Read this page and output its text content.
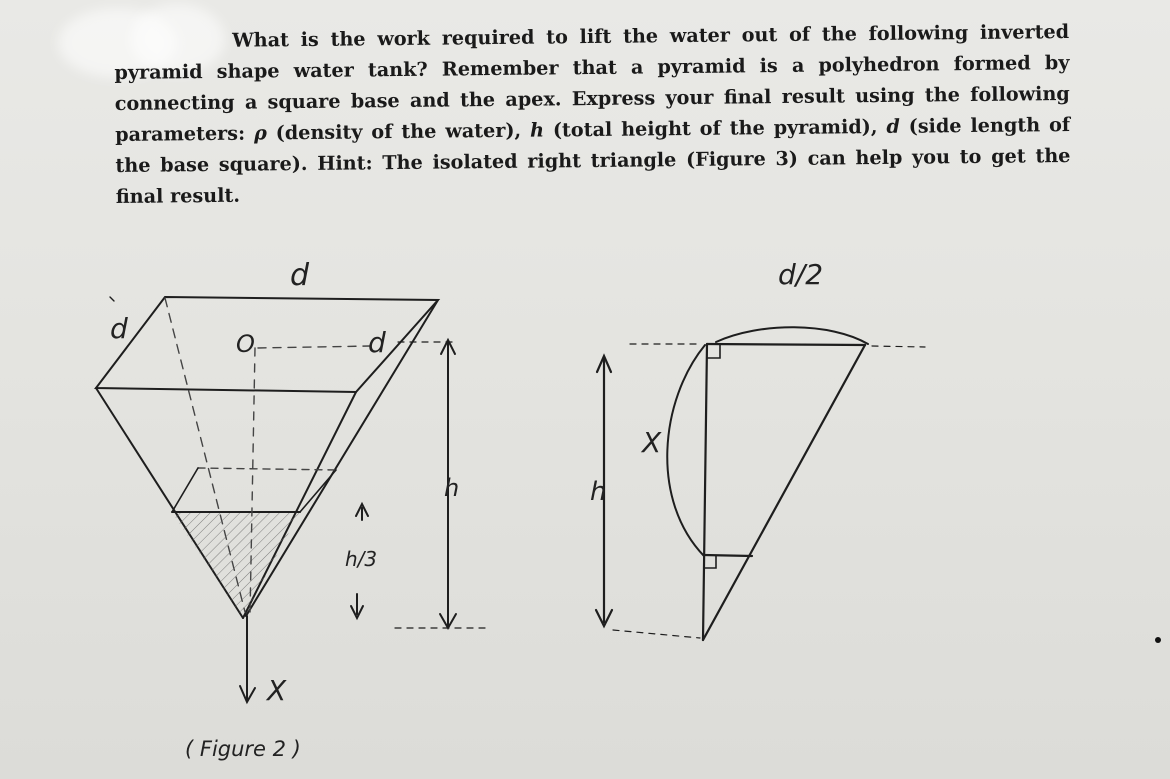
What is the work required to lift the water out of the following inverted pyramid shape water tank? Remember that a pyramid is a polyhedron formed by connecting a square base and the apex. Express your final result using the following parameters: ρ (density of the water), h (total height of the pyramid), d (side length of the base square). Hint: The isolated right triangle (Figure 3) can help you to get the final result.

d
d	d
O
h
h/3
X
( Figure 2 )
d/2
h
X
